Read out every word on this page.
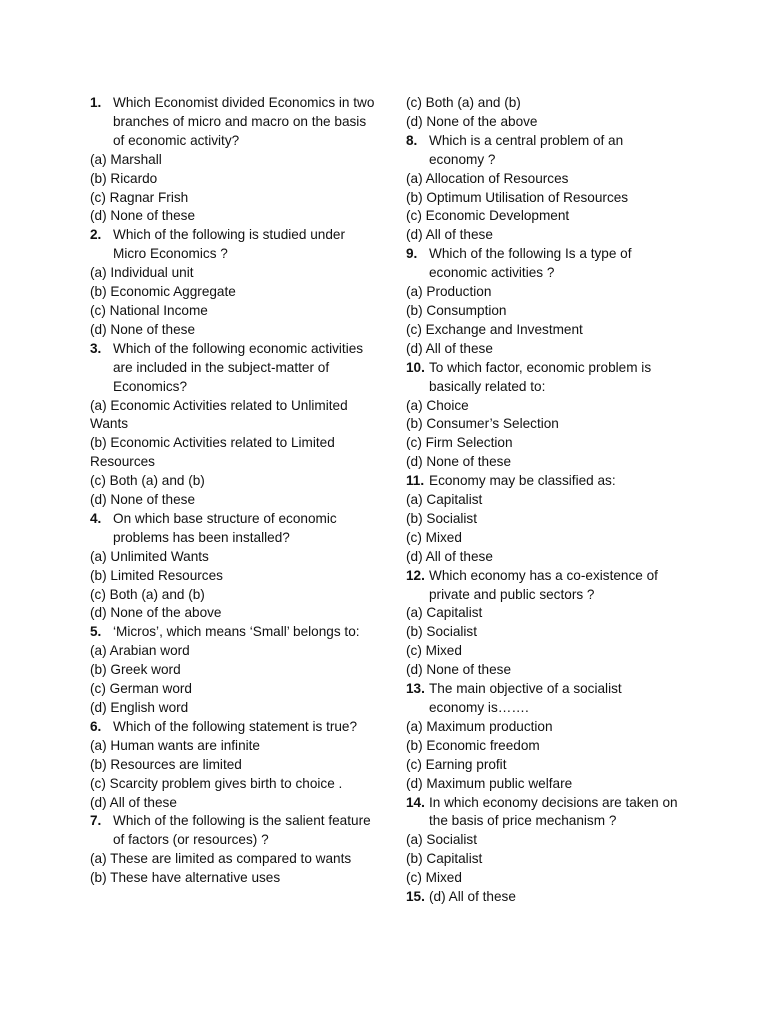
1. Which Economist divided Economics in two branches of micro and macro on the basis of economic activity?
(a) Marshall
(b) Ricardo
(c) Ragnar Frish
(d) None of these
2. Which of the following is studied under Micro Economics ?
(a) Individual unit
(b) Economic Aggregate
(c) National Income
(d) None of these
3. Which of the following economic activities are included in the subject-matter of Economics?
(a) Economic Activities related to Unlimited Wants
(b) Economic Activities related to Limited Resources
(c) Both (a) and (b)
(d) None of these
4. On which base structure of economic problems has been installed?
(a) Unlimited Wants
(b) Limited Resources
(c) Both (a) and (b)
(d) None of the above
5. ‘Micros’, which means ‘Small’ belongs to:
(a) Arabian word
(b) Greek word
(c) German word
(d) English word
6. Which of the following statement is true?
(a) Human wants are infinite
(b) Resources are limited
(c) Scarcity problem gives birth to choice .
(d) All of these
7. Which of the following is the salient feature of factors (or resources) ?
(a) These are limited as compared to wants
(b) These have alternative uses
(c) Both (a) and (b)
(d) None of the above
8. Which is a central problem of an economy ?
(a) Allocation of Resources
(b) Optimum Utilisation of Resources
(c) Economic Development
(d) All of these
9. Which of the following Is a type of economic activities ?
(a) Production
(b) Consumption
(c) Exchange and Investment
(d) All of these
10. To which factor, economic problem is basically related to:
(a) Choice
(b) Consumer’s Selection
(c) Firm Selection
(d) None of these
11. Economy may be classified as:
(a) Capitalist
(b) Socialist
(c) Mixed
(d) All of these
12. Which economy has a co-existence of private and public sectors ?
(a) Capitalist
(b) Socialist
(c) Mixed
(d) None of these
13. The main objective of a socialist economy is…….
(a) Maximum production
(b) Economic freedom
(c) Earning profit
(d) Maximum public welfare
14. In which economy decisions are taken on the basis of price mechanism ?
(a) Socialist
(b) Capitalist
(c) Mixed
15. (d) All of these
